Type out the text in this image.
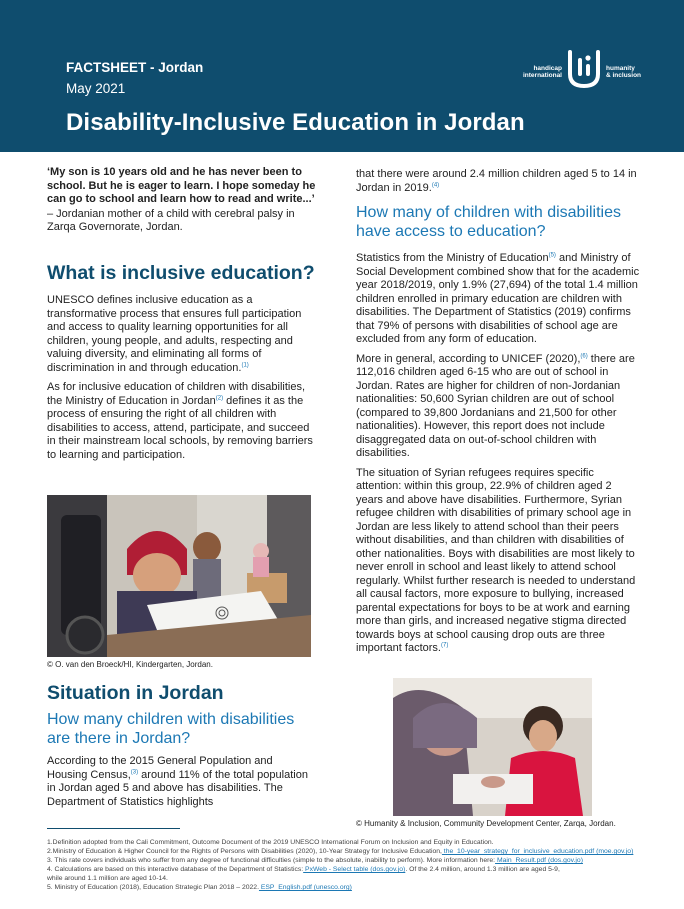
FACTSHEET - Jordan
May 2021
Disability-Inclusive Education in Jordan
handicap
international
humanity
& inclusion
‘My son is 10 years old and he has never been to school. But he is eager to learn. I hope someday he can go to school and learn how to read and write...’
– Jordanian mother of a child with cerebral palsy in Zarqa Governorate, Jordan.
What is inclusive education?

UNESCO defines inclusive education as a transformative process that ensures full participation and access to quality learning opportunities for all children, young people, and adults, respecting and valuing diversity, and eliminating all forms of discrimination in and through education.$^{(1)}$

As for inclusive education of children with disabilities, the Ministry of Education in Jordan$^{(2)}$ defines it as the process of ensuring the right of all children with disabilities to access, attend, participate, and succeed in their mainstream local schools, by removing barriers to learning and participation.

© O. van den Broeck/HI, Kindergarten, Jordan.
Situation in Jordan
How many children with disabilities are there in Jordan?

According to the 2015 General Population and Housing Census,$^{(3)}$ around 11% of the total population in Jordan aged 5 and above has disabilities. The Department of Statistics highlights

that there were around 2.4 million children aged 5 to 14 in Jordan in 2019.$^{(4)}$

How many of children with disabilities have access to education?

Statistics from the Ministry of Education$^{(5)}$ and Ministry of Social Development combined show that for the academic year 2018/2019, only 1.9% (27,694) of the total 1.4 million children enrolled in primary education are children with disabilities. The Department of Statistics (2019) confirms that 79% of persons with disabilities of school age are excluded from any form of education.

More in general, according to UNICEF (2020),$^{(6)}$ there are 112,016 children aged 6-15 who are out of school in Jordan. Rates are higher for children of non-Jordanian nationalities: 50,600 Syrian children are out of school (compared to 39,800 Jordanians and 21,500 for other nationalities). However, this report does not include disaggregated data on out-of-school children with disabilities.

The situation of Syrian refugees requires specific attention: within this group, 22.9% of children aged 2 years and above have disabilities. Furthermore, Syrian refugee children with disabilities of primary school age in Jordan are less likely to attend school than their peers without disabilities, and than children with disabilities of other nationalities. Boys with disabilities are most likely to never enroll in school and least likely to attend school regularly. Whilst further research is needed to understand all causal factors, more exposure to bullying, increased parental expectations for boys to be at work and earning more than girls, and increased negative stigma directed towards boys at school causing drop outs are three important factors.$^{(7)}$

© Humanity & Inclusion, Community Development Center, Zarqa, Jordan.
1.Definition adopted from the Cali Commitment, Outcome Document of the 2019 UNESCO International Forum on Inclusion and Equity in Education.
2.Ministry of Education & Higher Council for the Rights of Persons with Disabilities (2020), 10-Year Strategy for Inclusive Education, the_10-year_strategy_for_inclusive_education.pdf (moe.gov.jo)
3. This rate covers individuals who suffer from any degree of functional difficulties (simple to the absolute, inability to perform). More information here: Main_Result.pdf (dos.gov.jo)
4. Calculations are based on this interactive database of the Department of Statistics: PxWeb - Select table (dos.gov.jo). Of the 2.4 million, around 1.3 million are aged 5-9,
while around 1.1 million are aged 10-14.
5. Ministry of Education (2018), Education Strategic Plan 2018 – 2022. ESP_English.pdf (unesco.org)
